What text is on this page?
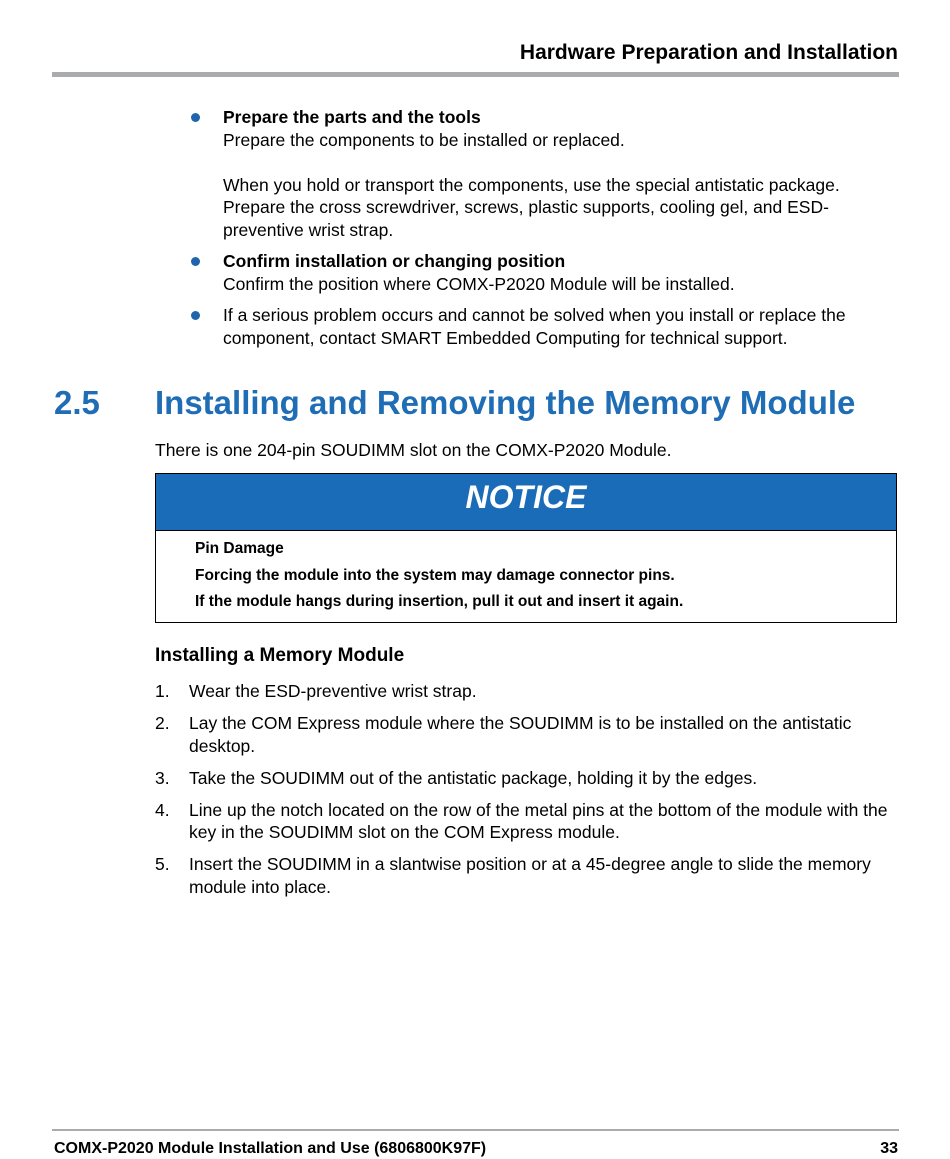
Hardware Preparation and Installation
Prepare the parts and the tools
Prepare the components to be installed or replaced.
When you hold or transport the components, use the special antistatic package. Prepare the cross screwdriver, screws, plastic supports, cooling gel, and ESD-preventive wrist strap.
Confirm installation or changing position
Confirm the position where COMX-P2020 Module will be installed.
If a serious problem occurs and cannot be solved when you install or replace the component, contact SMART Embedded Computing for technical support.
2.5 Installing and Removing the Memory Module
There is one 204-pin SOUDIMM slot on the COMX-P2020 Module.
NOTICE
Pin Damage
Forcing the module into the system may damage connector pins.
If the module hangs during insertion, pull it out and insert it again.
Installing a Memory Module
1. Wear the ESD-preventive wrist strap.
2. Lay the COM Express module where the SOUDIMM is to be installed on the antistatic desktop.
3. Take the SOUDIMM out of the antistatic package, holding it by the edges.
4. Line up the notch located on the row of the metal pins at the bottom of the module with the key in the SOUDIMM slot on the COM Express module.
5. Insert the SOUDIMM in a slantwise position or at a 45-degree angle to slide the memory module into place.
COMX-P2020 Module Installation and Use (6806800K97F)	33
